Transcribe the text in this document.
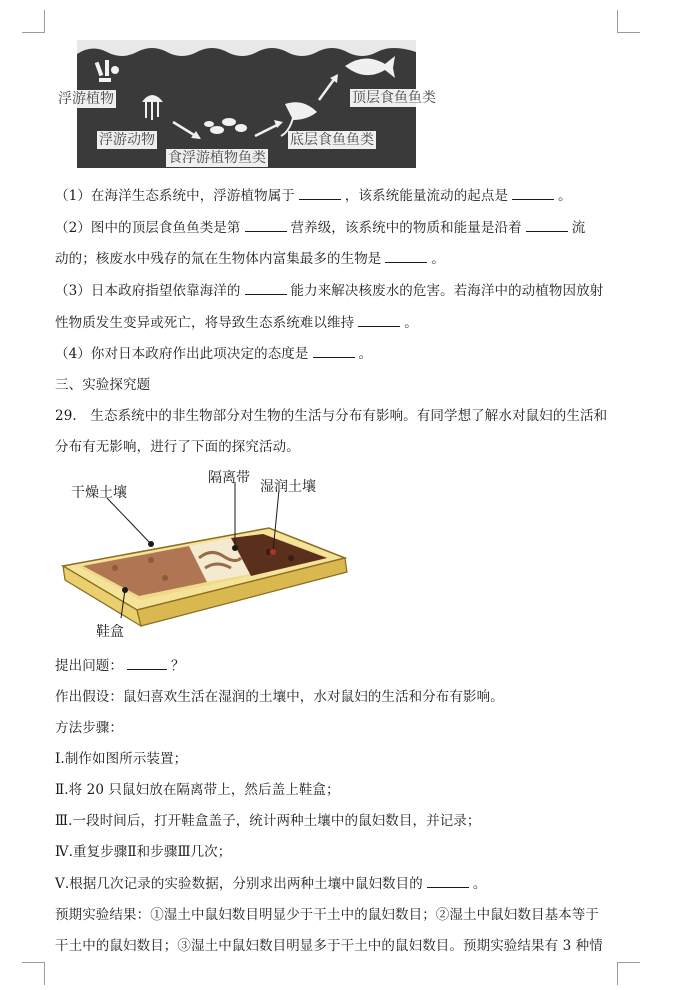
浮游植物
浮游动物
食浮游植物鱼类
底层食鱼鱼类
顶层食鱼鱼类
（1）在海洋生态系统中，浮游植物属于	，该系统能量流动的起点是	。
（2）图中的顶层食鱼鱼类是第	营养级，该系统中的物质和能量是沿着	流
动的；核废水中残存的氚在生物体内富集最多的生物是	。
（3）日本政府指望依靠海洋的	能力来解决核废水的危害。若海洋中的动植物因放射
性物质发生变异或死亡，将导致生态系统难以维持	。
（4）你对日本政府作出此项决定的态度是	。
三、实验探究题
29.　生态系统中的非生物部分对生物的生活与分布有影响。有同学想了解水对鼠妇的生活和
分布有无影响，进行了下面的探究活动。
干燥土壤
隔离带
湿润土壤
鞋盒
提出问题：	？
作出假设：鼠妇喜欢生活在湿润的土壤中，水对鼠妇的生活和分布有影响。
方法步骤：
Ⅰ.制作如图所示装置；
Ⅱ.将 20 只鼠妇放在隔离带上，然后盖上鞋盒；
Ⅲ.一段时间后，打开鞋盒盖子，统计两种土壤中的鼠妇数目，并记录；
Ⅳ.重复步骤Ⅱ和步骤Ⅲ几次；
Ⅴ.根据几次记录的实验数据，分别求出两种土壤中鼠妇数目的	。
预期实验结果：①湿土中鼠妇数目明显少于干土中的鼠妇数目；②湿土中鼠妇数目基本等于
干土中的鼠妇数目；③湿土中鼠妇数目明显多于干土中的鼠妇数目。预期实验结果有 3 种情
